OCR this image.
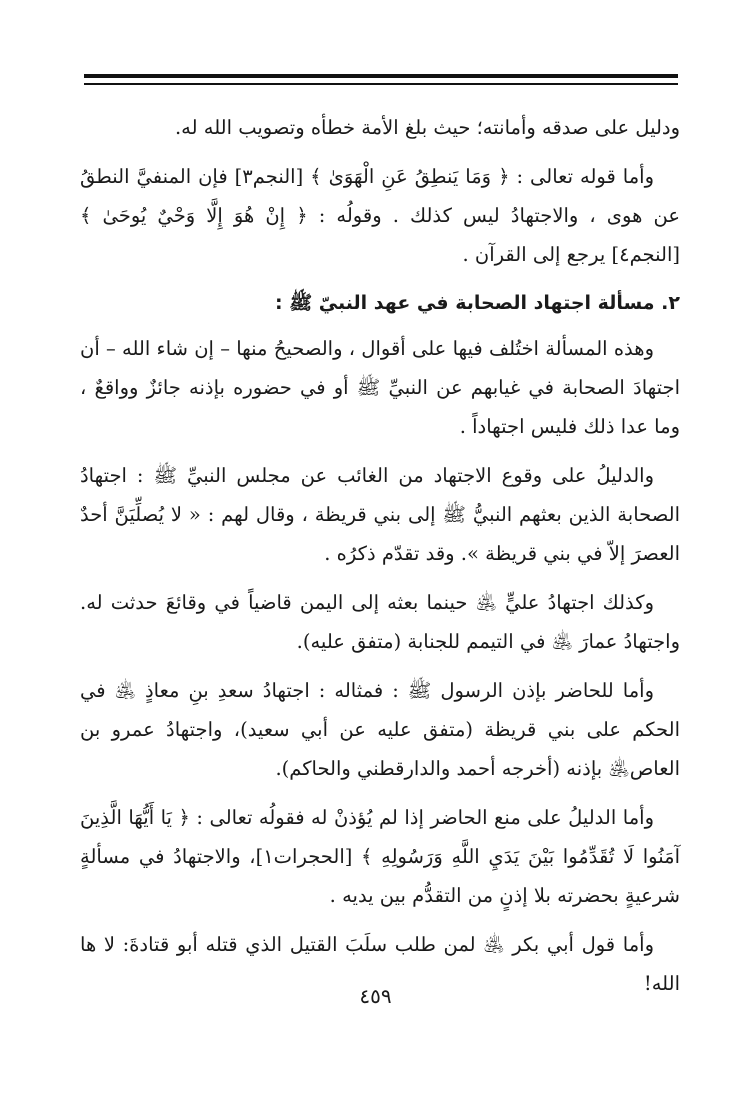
ودليل على صدقه وأمانته؛ حيث بلغ الأمة خطأه وتصويب الله له.

وأما قوله تعالى : ﴿ وَمَا يَنطِقُ عَنِ الْهَوَىٰ ﴾ [النجم٣] فإن المنفيَّ النطقُ عن هوى ، والاجتهادُ ليس كذلك . وقولُه : ﴿ إِنْ هُوَ إِلَّا وَحْيٌ يُوحَىٰ ﴾ [النجم٤] يرجع إلى القرآن .

٢. مسألة اجتهاد الصحابة في عهد النبيّ ﷺ :

وهذه المسألة اختُلف فيها على أقوال ، والصحيحُ منها – إن شاء الله – أن اجتهادَ الصحابة في غيابهم عن النبيِّ ﷺ أو في حضوره بإذنه جائزٌ وواقعٌ ، وما عدا ذلك فليس اجتهاداً .

والدليلُ على وقوع الاجتهاد من الغائب عن مجلس النبيِّ ﷺ : اجتهادُ الصحابة الذين بعثهم النبيُّ ﷺ إلى بني قريظة ، وقال لهم : « لا يُصلِّيَنَّ أحدٌ العصرَ إلاّ في بني قريظة ». وقد تقدّم ذكرُه .

وكذلك اجتهادُ عليٍّ ﵁ حينما بعثه إلى اليمن قاضياً في وقائعَ حدثت له. واجتهادُ عمارَ ﵁ في التيمم للجنابة (متفق عليه).

وأما للحاضر بإذن الرسول ﷺ : فمثاله : اجتهادُ سعدِ بنِ معاذٍ ﵁ في الحكم على بني قريظة (متفق عليه عن أبي سعيد)، واجتهادُ عمرو بن العاص﵁ بإذنه (أخرجه أحمد والدارقطني والحاكم).

وأما الدليلُ على منع الحاضر إذا لم يُؤذنْ له فقولُه تعالى : ﴿ يَا أَيُّهَا الَّذِينَ آمَنُوا لَا تُقَدِّمُوا بَيْنَ يَدَيِ اللَّهِ وَرَسُولِهِ ﴾ [الحجرات١]، والاجتهادُ في مسألةٍ شرعيةٍ بحضرته بلا إذنٍ من التقدُّم بين يديه .

وأما قول أبي بكر ﵁ لمن طلب سلَبَ القتيل الذي قتله أبو قتادةَ: لا ها الله!

٤٥٩
